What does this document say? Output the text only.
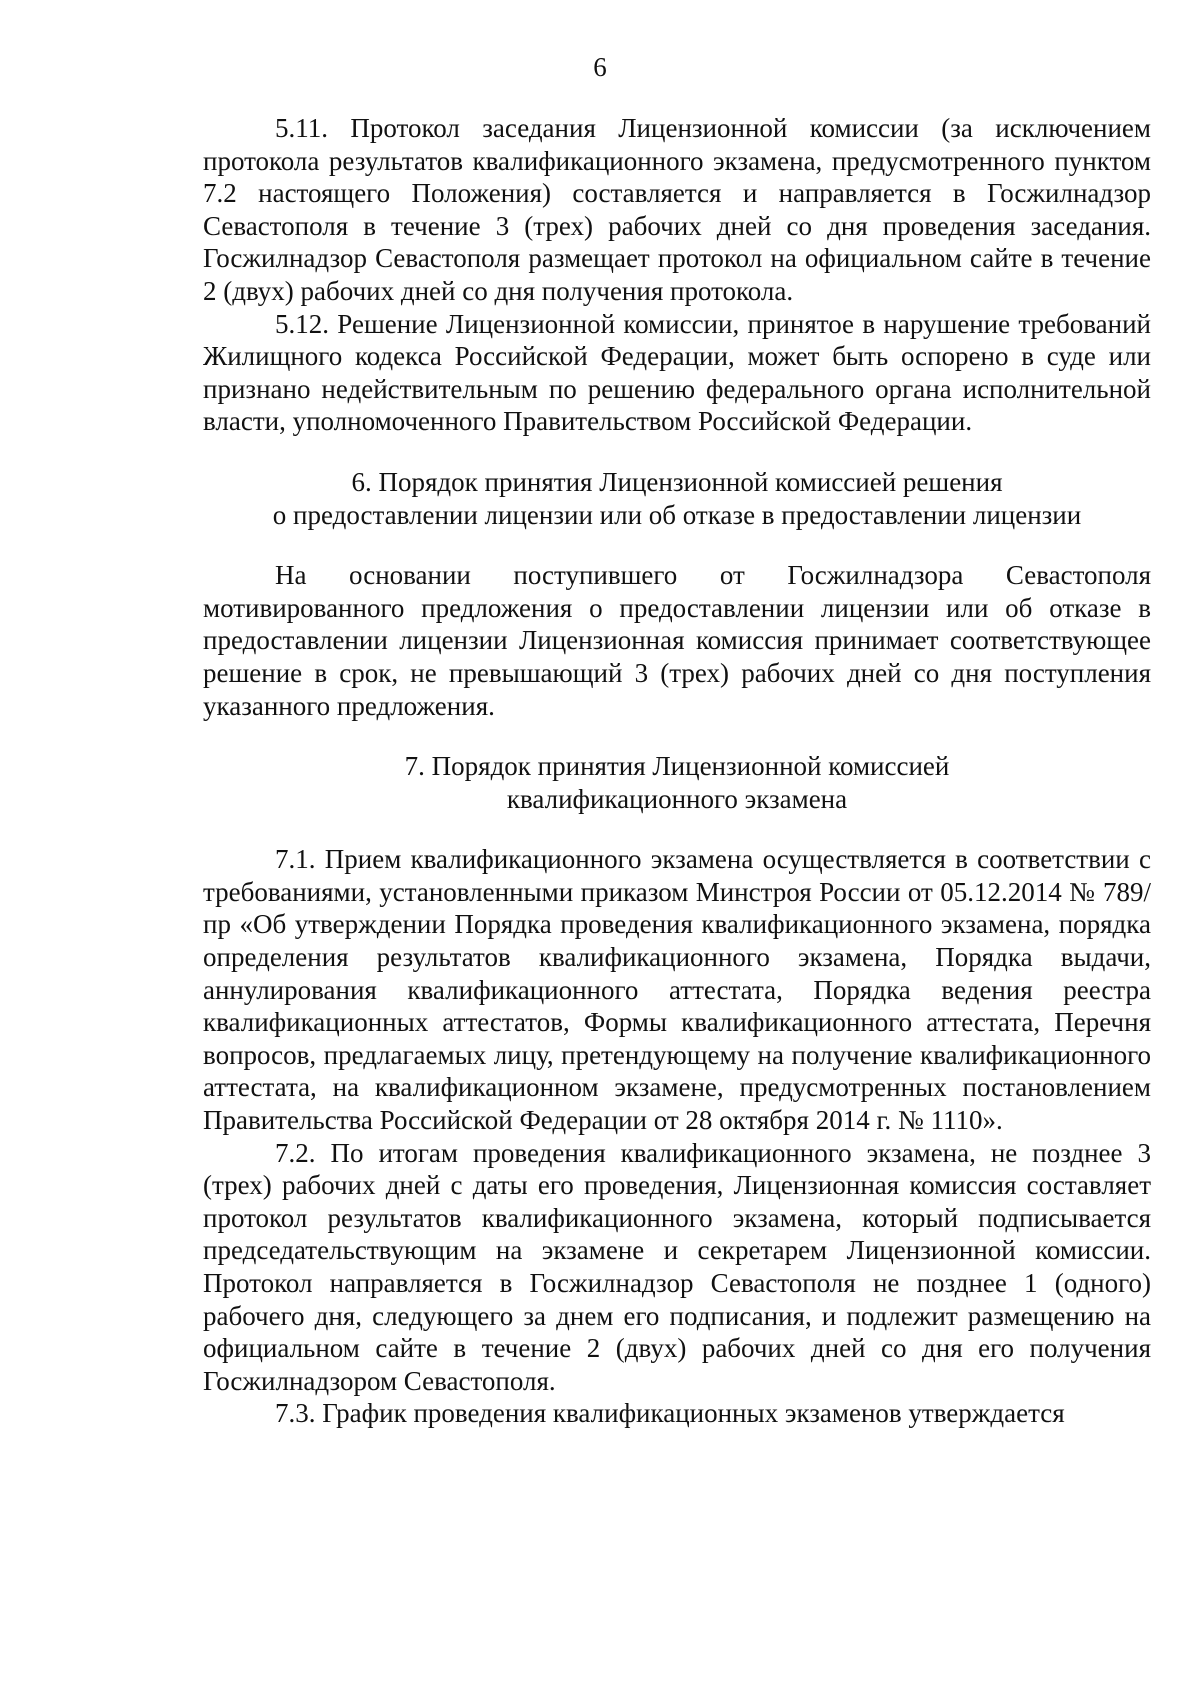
6

5.11. Протокол заседания Лицензионной комиссии (за исключением протокола результатов квалификационного экзамена, предусмотренного пунктом 7.2 настоящего Положения) составляется и направляется в Госжилнадзор Севастополя в течение 3 (трех) рабочих дней со дня проведения заседания. Госжилнадзор Севастополя размещает протокол на официальном сайте в течение 2 (двух) рабочих дней со дня получения протокола.

5.12. Решение Лицензионной комиссии, принятое в нарушение требований Жилищного кодекса Российской Федерации, может быть оспорено в суде или признано недействительным по решению федерального органа исполнительной власти, уполномоченного Правительством Российской Федерации.

6. Порядок принятия Лицензионной комиссией решения
о предоставлении лицензии или об отказе в предоставлении лицензии

На основании поступившего от Госжилнадзора Севастополя мотивированного предложения о предоставлении лицензии или об отказе в предоставлении лицензии Лицензионная комиссия принимает соответствующее решение в срок, не превышающий 3 (трех) рабочих дней со дня поступления указанного предложения.

7. Порядок принятия Лицензионной комиссией
квалификационного экзамена

7.1. Прием квалификационного экзамена осуществляется в соответствии с требованиями, установленными приказом Минстроя России от 05.12.2014 № 789/пр «Об утверждении Порядка проведения квалификационного экзамена, порядка определения результатов квалификационного экзамена, Порядка выдачи, аннулирования квалификационного аттестата, Порядка ведения реестра квалификационных аттестатов, Формы квалификационного аттестата, Перечня вопросов, предлагаемых лицу, претендующему на получение квалификационного аттестата, на квалификационном экзамене, предусмотренных постановлением Правительства Российской Федерации от 28 октября 2014 г. № 1110».

7.2. По итогам проведения квалификационного экзамена, не позднее 3 (трех) рабочих дней с даты его проведения, Лицензионная комиссия составляет протокол результатов квалификационного экзамена, который подписывается председательствующим на экзамене и секретарем Лицензионной комиссии. Протокол направляется в Госжилнадзор Севастополя не позднее 1 (одного) рабочего дня, следующего за днем его подписания, и подлежит размещению на официальном сайте в течение 2 (двух) рабочих дней со дня его получения Госжилнадзором Севастополя.

7.3. График проведения квалификационных экзаменов утверждается
